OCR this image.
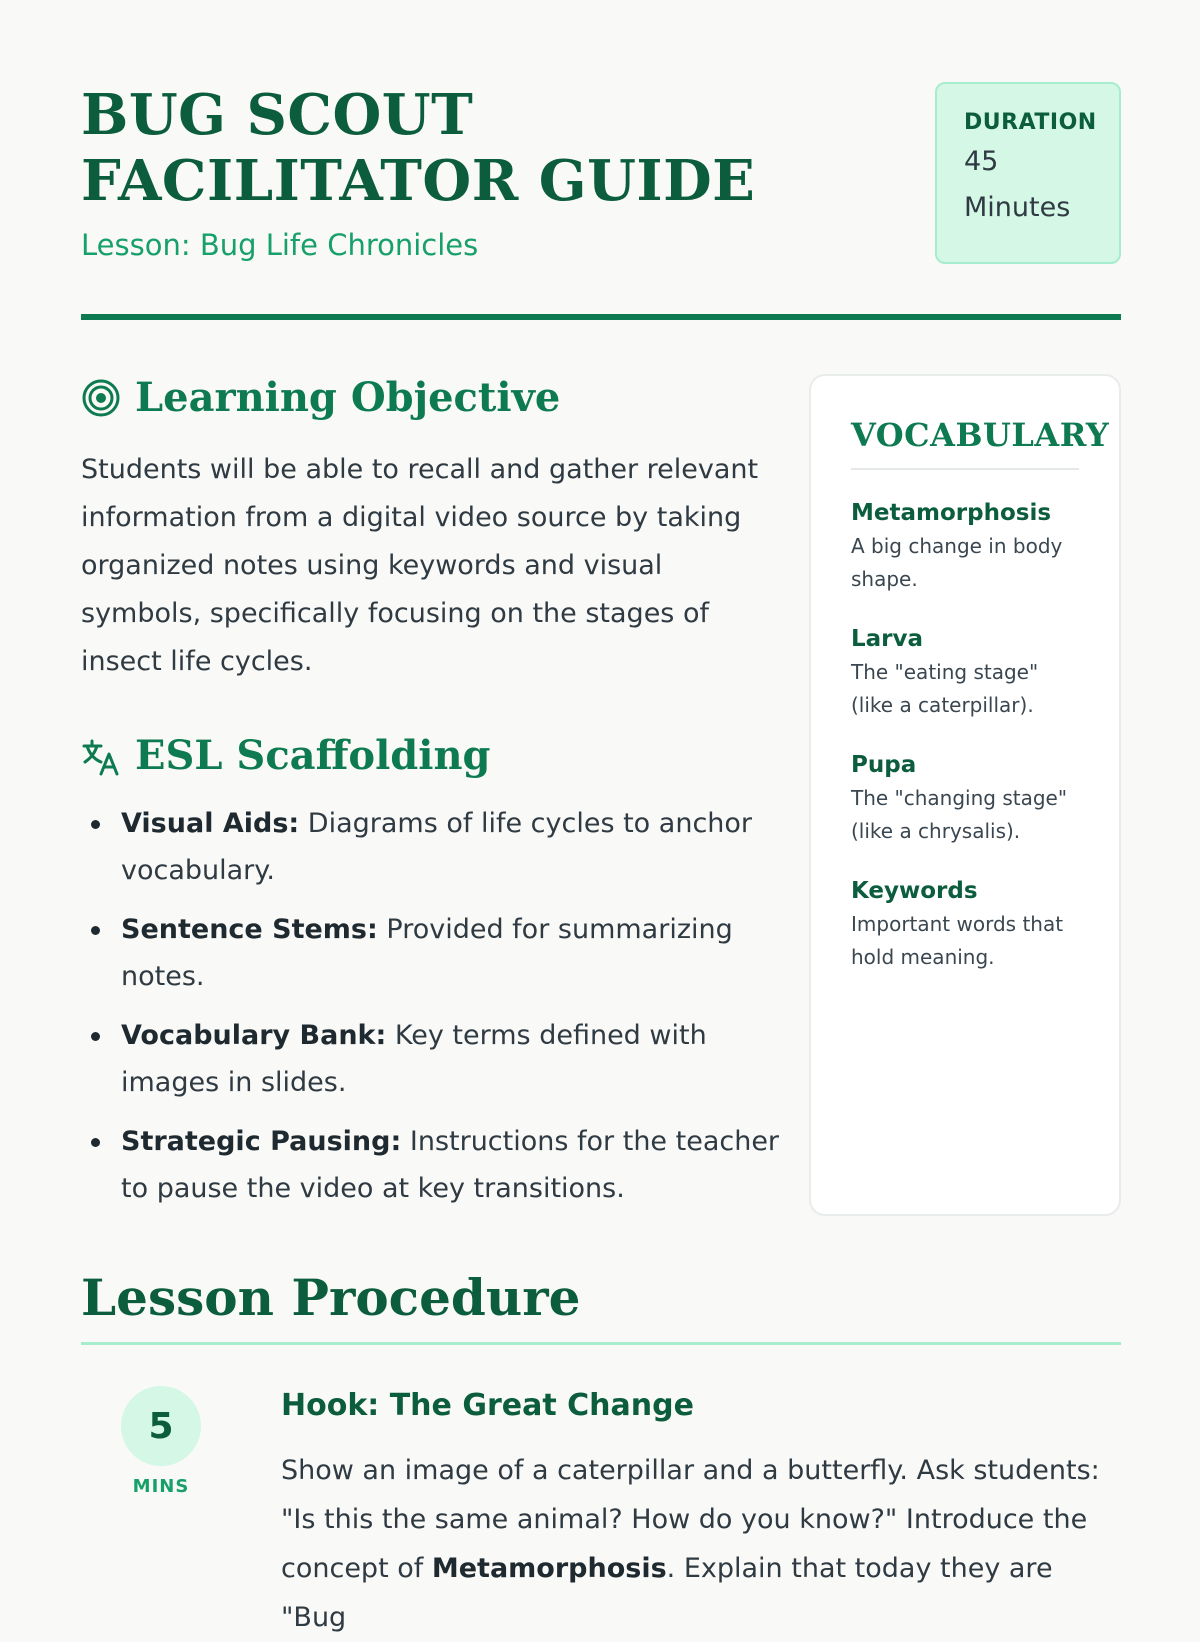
BUG SCOUT FACILITATOR GUIDE
Lesson: Bug Life Chronicles
DURATION
45 Minutes
Learning Objective

Students will be able to recall and gather relevant information from a digital video source by taking organized notes using keywords and visual symbols, specifically focusing on the stages of insect life cycles.

ESL Scaffolding
Visual Aids: Diagrams of life cycles to anchor vocabulary.
Sentence Stems: Provided for summarizing notes.
Vocabulary Bank: Key terms defined with images in slides.
Strategic Pausing: Instructions for the teacher to pause the video at key transitions.
VOCABULARY
Metamorphosis
A big change in body shape.
Larva
The "eating stage" (like a caterpillar).
Pupa
The "changing stage" (like a chrysalis).
Keywords
Important words that hold meaning.
Lesson Procedure
5
MINS
Hook: The Great Change

Show an image of a caterpillar and a butterfly. Ask students: "Is this the same animal? How do you know?" Introduce the concept of Metamorphosis. Explain that today they are "Bug
